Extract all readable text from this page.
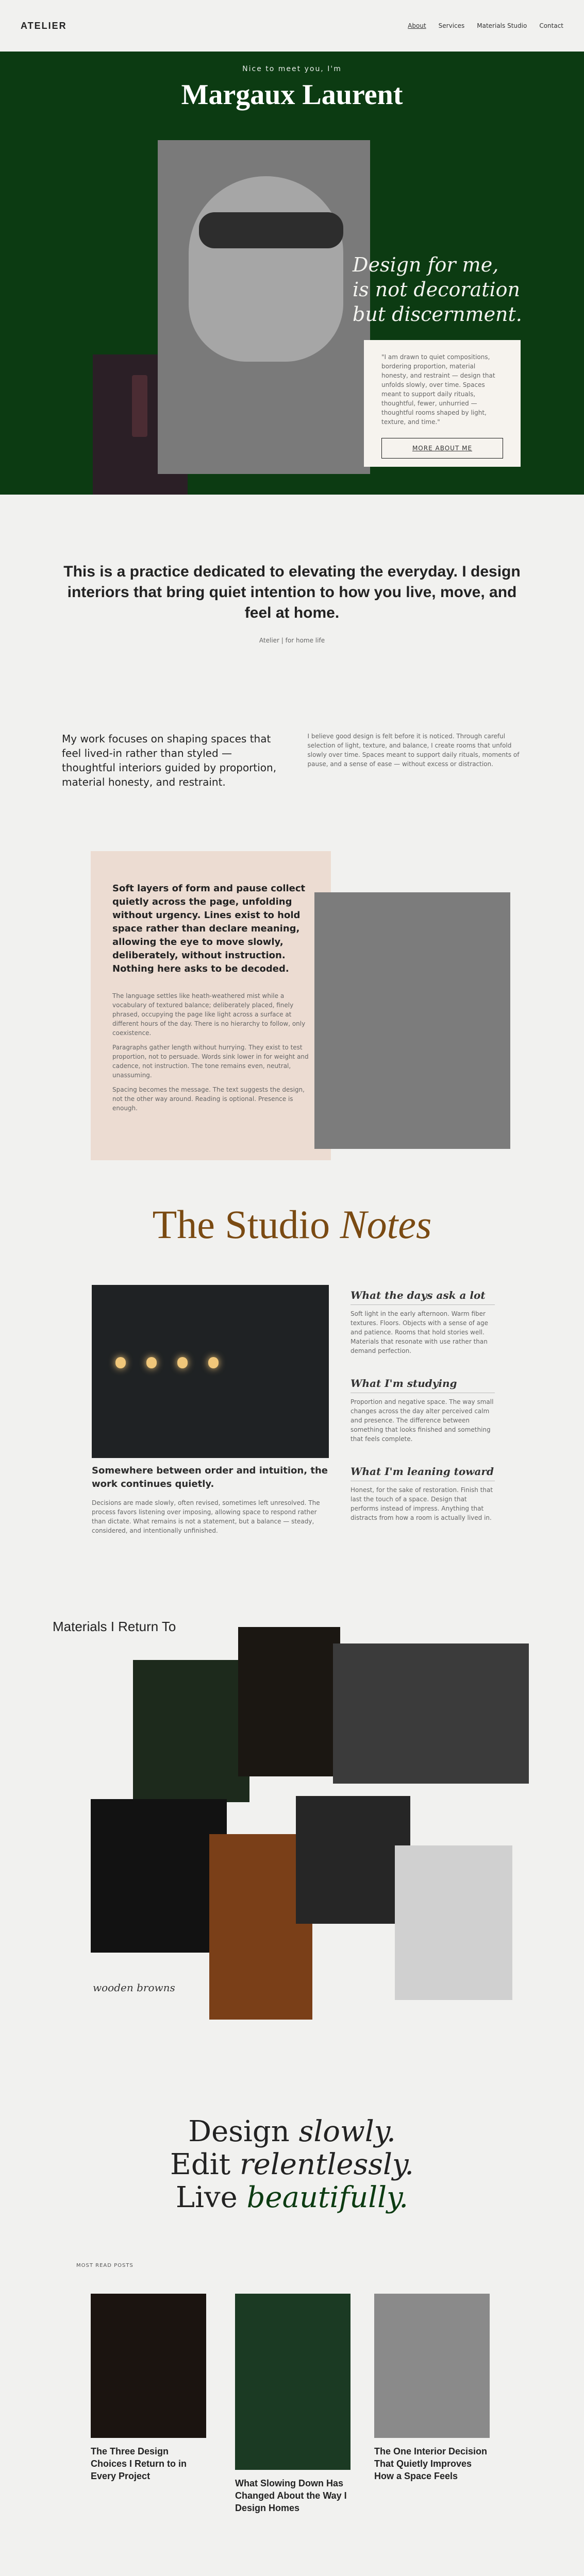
ATELIER	About Services Materials Studio Contact
Nice to meet you, I'm
Margaux Laurent
Design for me,
is not decoration
but discernment.
"I am drawn to quiet compositions, bordering proportion, material honesty, and restraint — design that unfolds slowly, over time. Spaces meant to support daily rituals, thoughtful, fewer, unhurried — thoughtful rooms shaped by light, texture, and time."
MORE ABOUT ME
This is a practice dedicated to elevating the everyday. I design interiors that bring quiet intention to how you live, move, and feel at home.
Atelier | for home life

My work focuses on shaping spaces that feel lived-in rather than styled — thoughtful interiors guided by proportion, material honesty, and restraint.

I believe good design is felt before it is noticed. Through careful selection of light, texture, and balance, I create rooms that unfold slowly over time. Spaces meant to support daily rituals, moments of pause, and a sense of ease — without excess or distraction.

Soft layers of form and pause collect quietly across the page, unfolding without urgency. Lines exist to hold space rather than declare meaning, allowing the eye to move slowly, deliberately, without instruction. Nothing here asks to be decoded.

The language settles like heath-weathered mist while a vocabulary of textured balance; deliberately placed, finely phrased, occupying the page like light across a surface at different hours of the day. There is no hierarchy to follow, only coexistence.

Paragraphs gather length without hurrying. They exist to test proportion, not to persuade. Words sink lower in for weight and cadence, not instruction. The tone remains even, neutral, unassuming.

Spacing becomes the message. The text suggests the design, not the other way around. Reading is optional. Presence is enough.

The Studio Notes
Somewhere between order and intuition, the work continues quietly.

Decisions are made slowly, often revised, sometimes left unresolved. The process favors listening over imposing, allowing space to respond rather than dictate. What remains is not a statement, but a balance — steady, considered, and intentionally unfinished.

What the days ask a lot

Soft light in the early afternoon. Warm fiber textures. Floors. Objects with a sense of age and patience. Rooms that hold stories well. Materials that resonate with use rather than demand perfection.

What I'm studying

Proportion and negative space. The way small changes across the day alter perceived calm and presence. The difference between something that looks finished and something that feels complete.

What I'm leaning toward

Honest, for the sake of restoration. Finish that last the touch of a space. Design that performs instead of impress. Anything that distracts from how a room is actually lived in.

Materials I Return To
wooden browns
Design slowly.
Edit relentlessly.
Live beautifully.
MOST READ POSTS
The Three Design Choices I Return to in Every Project
What Slowing Down Has Changed About the Way I Design Homes
The One Interior Decision That Quietly Improves How a Space Feels
